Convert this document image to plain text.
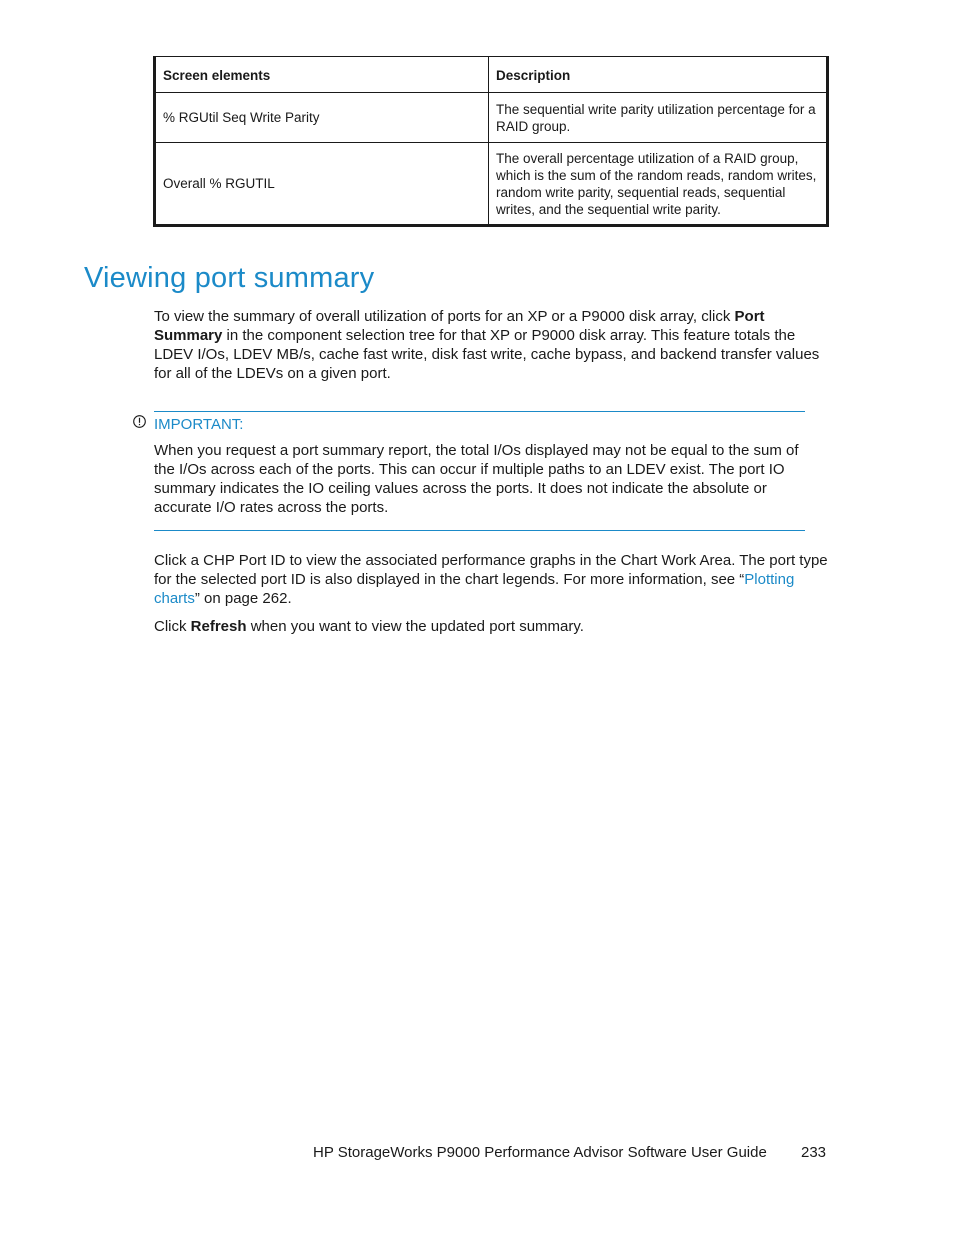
Screen elements	Description
% RGUtil Seq Write Parity	The sequential write parity utilization percentage for a RAID group.
Overall % RGUTIL	The overall percentage utilization of a RAID group, which is the sum of the random reads, random writes, random write parity, sequential reads, sequential writes, and the sequential write parity.
Viewing port summary

To view the summary of overall utilization of ports for an XP or a P9000 disk array, click Port Summary in the component selection tree for that XP or P9000 disk array. This feature totals the LDEV I/Os, LDEV MB/s, cache fast write, disk fast write, cache bypass, and backend transfer values for all of the LDEVs on a given port.

IMPORTANT:

When you request a port summary report, the total I/Os displayed may not be equal to the sum of the I/Os across each of the ports. This can occur if multiple paths to an LDEV exist. The port IO summary indicates the IO ceiling values across the ports. It does not indicate the absolute or accurate I/O rates across the ports.

Click a CHP Port ID to view the associated performance graphs in the Chart Work Area. The port type for the selected port ID is also displayed in the chart legends. For more information, see “Plotting charts” on page 262.

Click Refresh when you want to view the updated port summary.

HP StorageWorks P9000 Performance Advisor Software User Guide 233
